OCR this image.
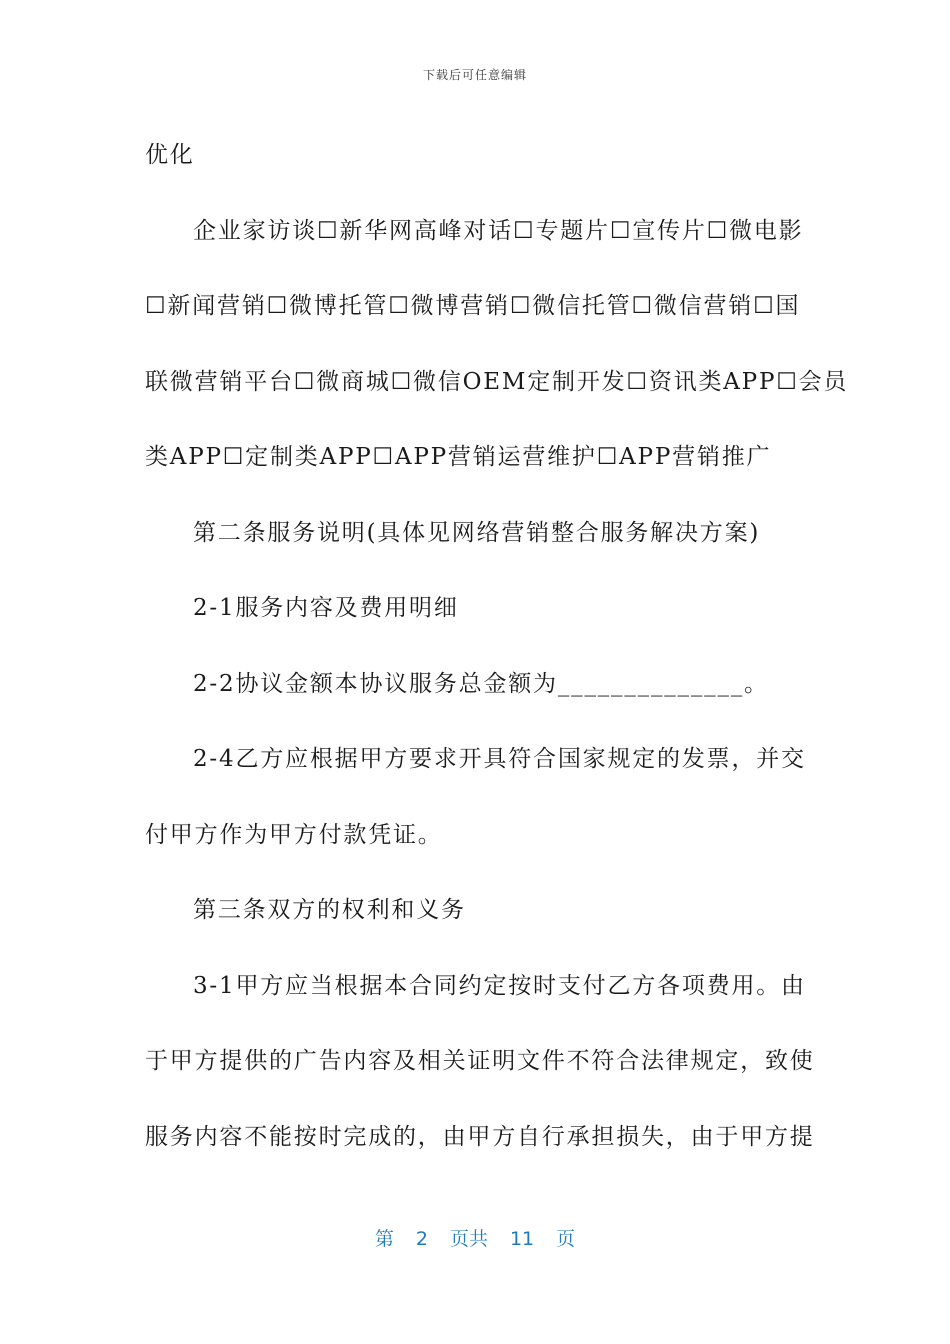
下载后可任意编辑

优化

企业家访谈☐新华网高峰对话☐专题片☐宣传片☐微电影

☐新闻营销☐微博托管☐微博营销☐微信托管☐微信营销☐国

联微营销平台☐微商城☐微信OEM定制开发☐资讯类APP☐会员

类APP☐定制类APP☐APP营销运营维护☐APP营销推广

第二条服务说明(具体见网络营销整合服务解决方案)

2-1服务内容及费用明细

2-2协议金额本协议服务总金额为______________。

2-4乙方应根据甲方要求开具符合国家规定的发票，并交

付甲方作为甲方付款凭证。

第三条双方的权利和义务

3-1甲方应当根据本合同约定按时支付乙方各项费用。由

于甲方提供的广告内容及相关证明文件不符合法律规定，致使

服务内容不能按时完成的，由甲方自行承担损失，由于甲方提

第 2 页共 11 页
